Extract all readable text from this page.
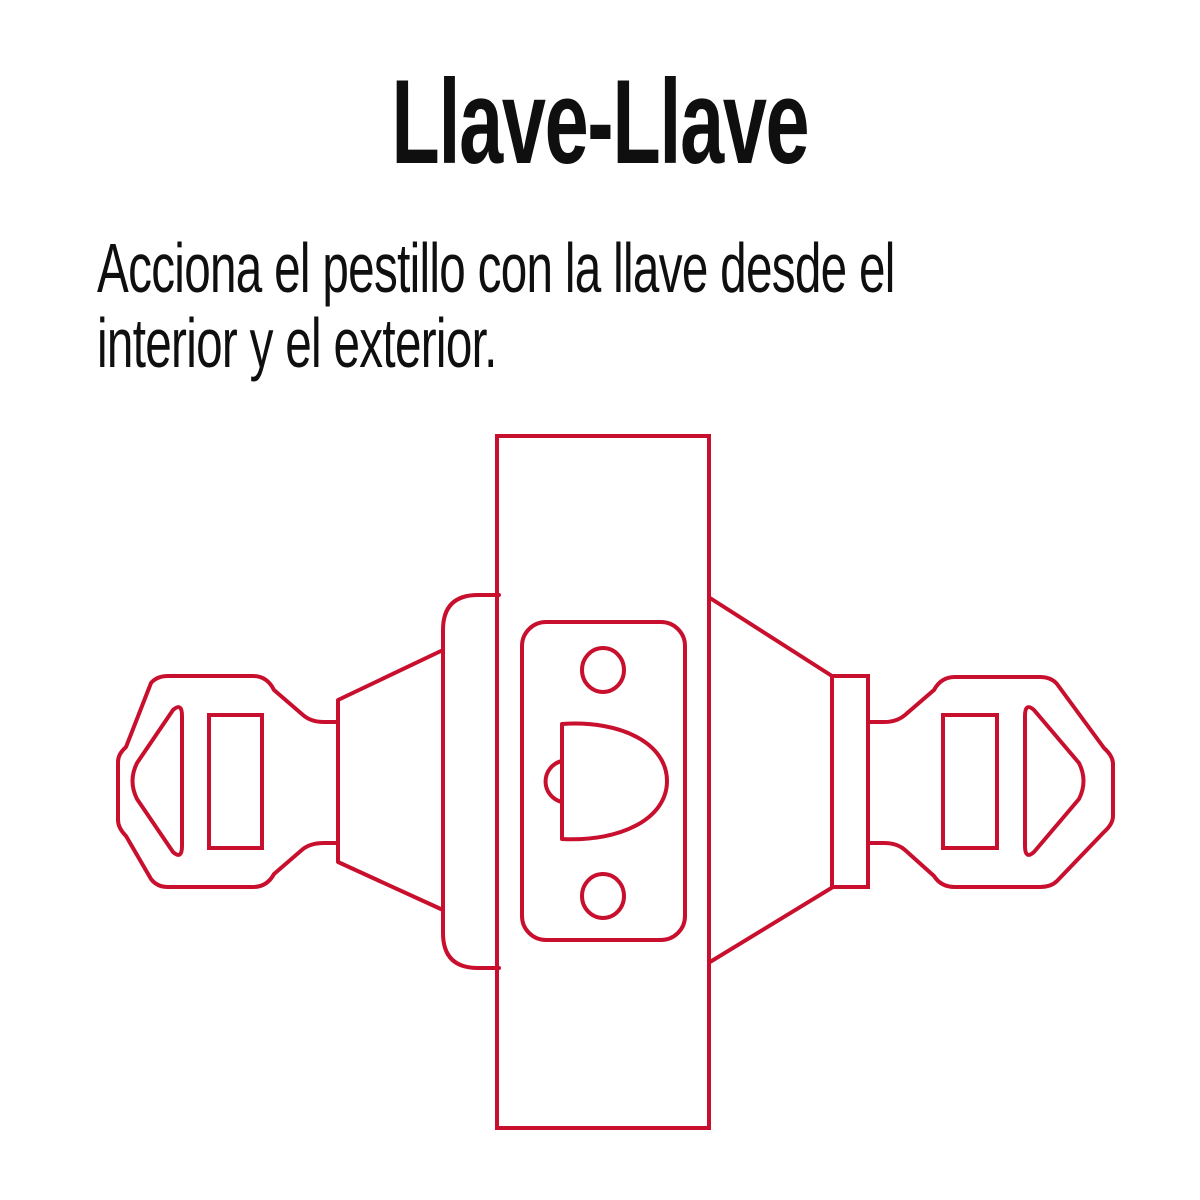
Llave-Llave
Acciona el pestillo con la llave desde el
interior y el exterior.
